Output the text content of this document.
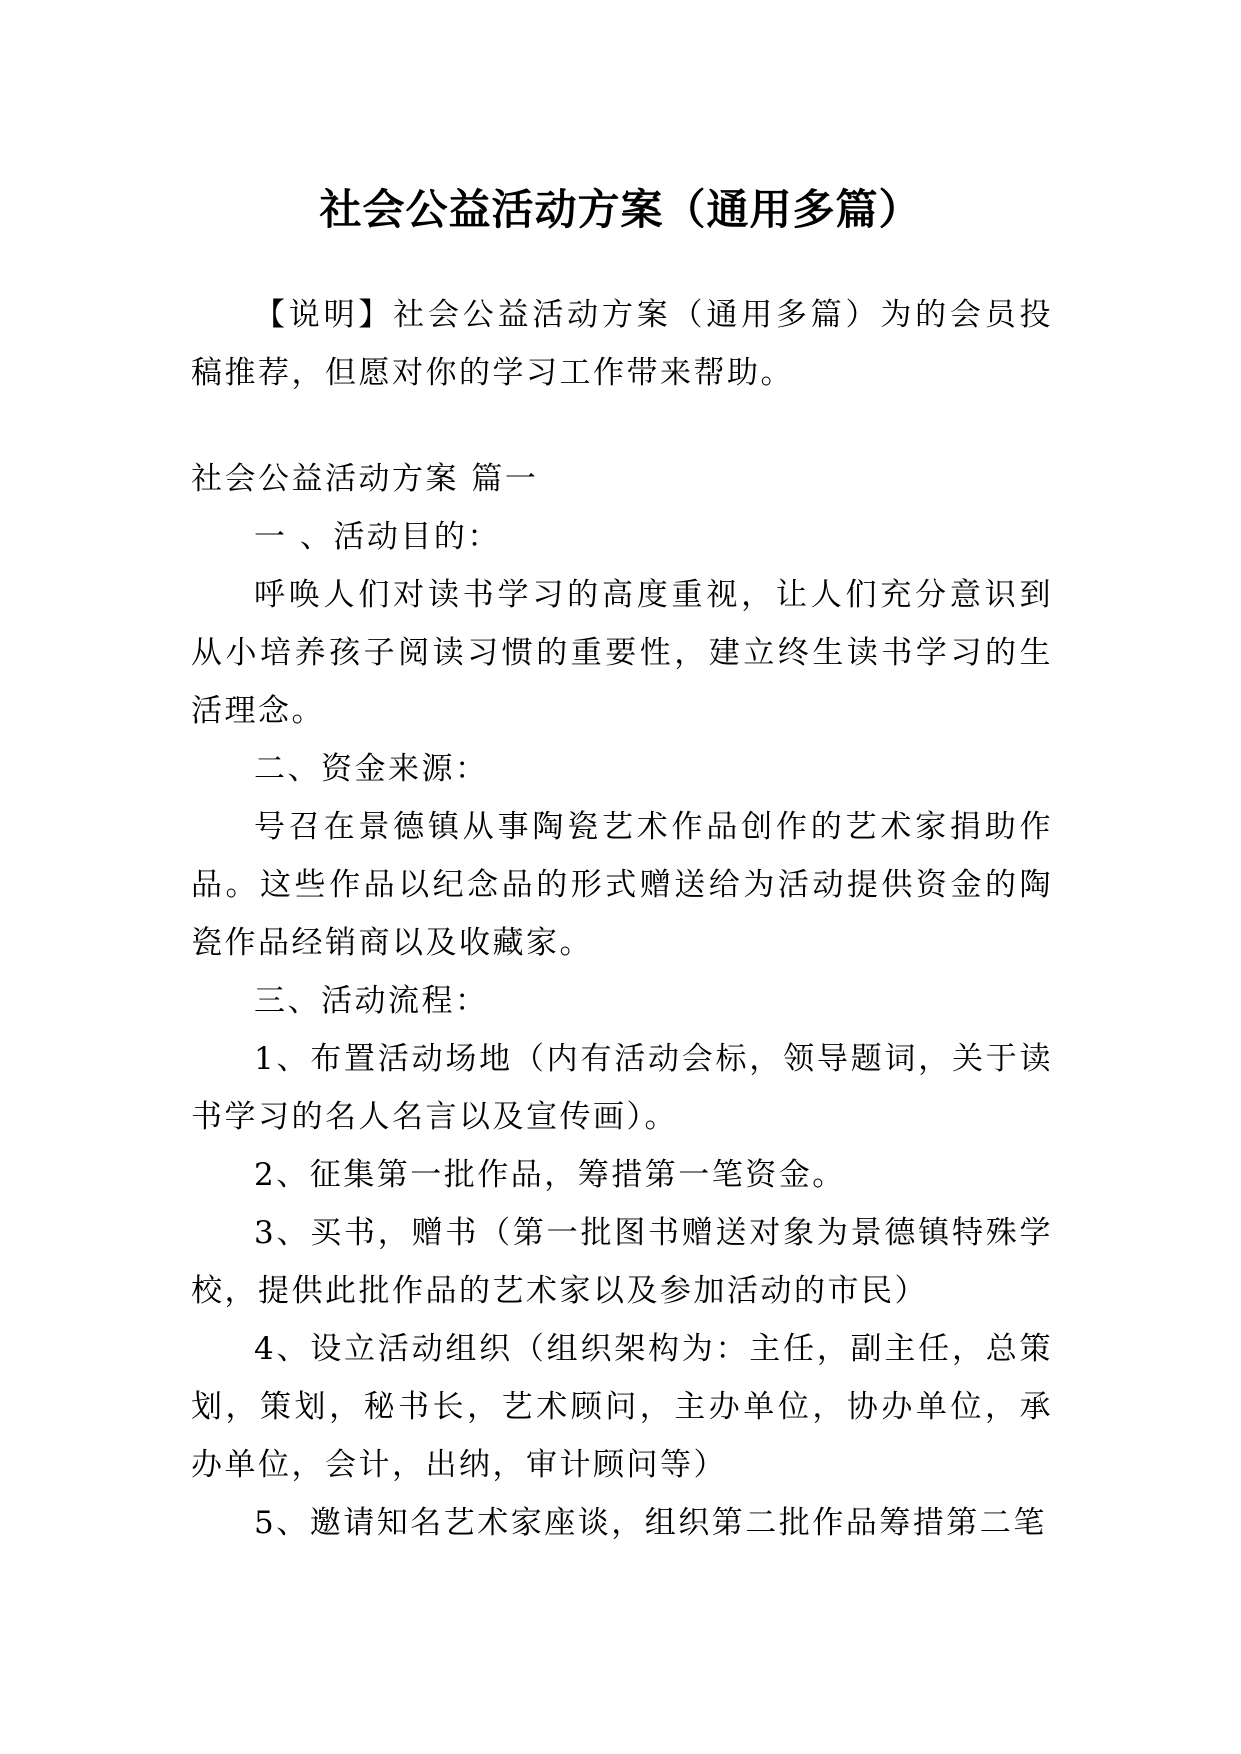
社会公益活动方案（通用多篇）

【说明】社会公益活动方案（通用多篇）为的会员投稿推荐，但愿对你的学习工作带来帮助。

社会公益活动方案 篇一

一 、活动目的：

呼唤人们对读书学习的高度重视，让人们充分意识到从小培养孩子阅读习惯的重要性，建立终生读书学习的生活理念。

二、资金来源：

号召在景德镇从事陶瓷艺术作品创作的艺术家捐助作品。这些作品以纪念品的形式赠送给为活动提供资金的陶瓷作品经销商以及收藏家。

三、活动流程：

1、布置活动场地（内有活动会标，领导题词，关于读书学习的名人名言以及宣传画）。

2、征集第一批作品，筹措第一笔资金。

3、买书，赠书（第一批图书赠送对象为景德镇特殊学校，提供此批作品的艺术家以及参加活动的市民）

4、设立活动组织（组织架构为：主任，副主任，总策划，策划，秘书长，艺术顾问，主办单位，协办单位，承办单位，会计，出纳，审计顾问等）

5、邀请知名艺术家座谈，组织第二批作品筹措第二笔
